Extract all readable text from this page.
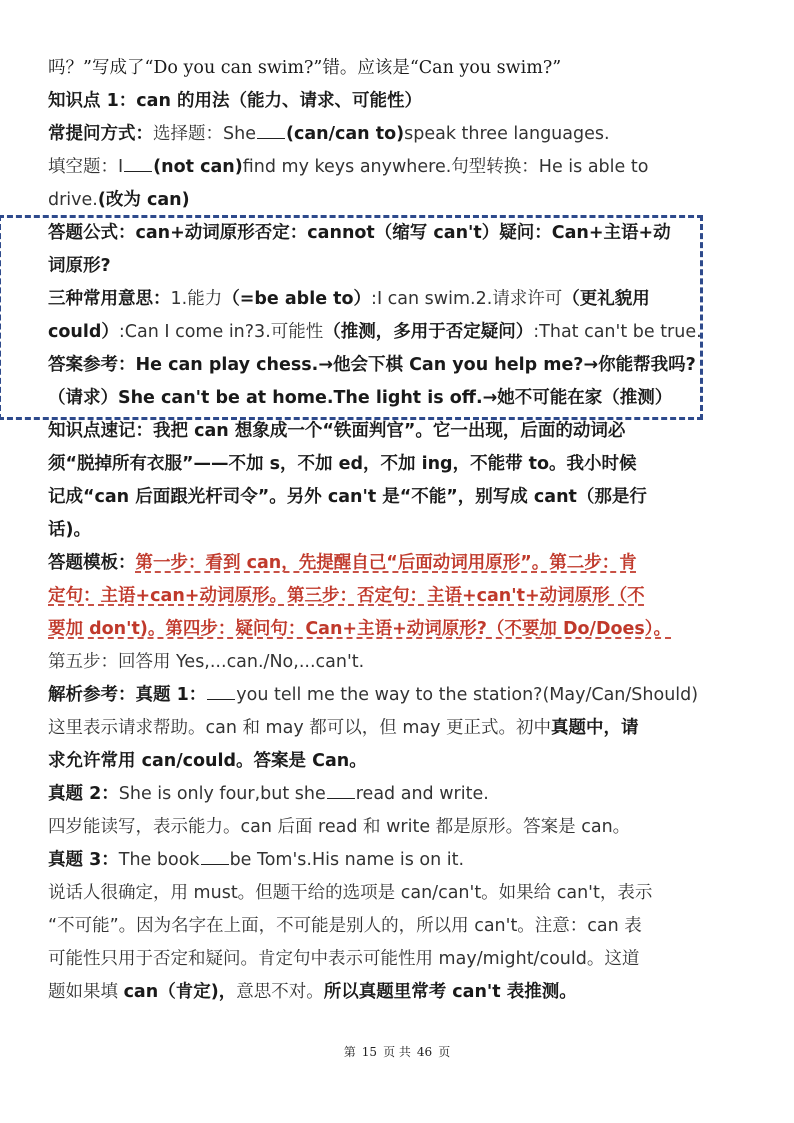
吗？”写成了“Do you can swim?”错。应该是“Can you swim?”
知识点 1：can 的用法（能力、请求、可能性）
常提问方式：选择题：She (can/can to)speak three languages.
填空题：I (not can)find my keys anywhere.句型转换：He is able to
drive.(改为 can)
答题公式：can+动词原形否定：cannot（缩写 can't）疑问：Can+主语+动
词原形?
三种常用意思：1.能力（=be able to）:I can swim.2.请求许可（更礼貌用
could）:Can I come in?3.可能性（推测，多用于否定疑问）:That can't be true.
答案参考：He can play chess.→他会下棋 Can you help me?→你能帮我吗?
（请求）She can't be at home.The light is off.→她不可能在家（推测）
知识点速记：我把 can 想象成一个“铁面判官”。它一出现，后面的动词必
须“脱掉所有衣服”——不加 s，不加 ed，不加 ing，不能带 to。我小时候
记成“can 后面跟光杆司令”。另外 can't 是“不能”，别写成 cant（那是行
话)。
答题模板：第一步：看到 can，先提醒自己“后面动词用原形”。第二步：肯
定句：主语+can+动词原形。第三步：否定句：主语+can't+动词原形（不
要加 don't)。第四步：疑问句：Can+主语+动词原形?（不要加 Do/Does）。
第五步：回答用 Yes,...can./No,...can't.
解析参考：真题 1： you tell me the way to the station?(May/Can/Should)
这里表示请求帮助。can 和 may 都可以，但 may 更正式。初中真题中，请
求允许常用 can/could。答案是 Can。
真题 2：She is only four,but she read and write.
四岁能读写，表示能力。can 后面 read 和 write 都是原形。答案是 can。
真题 3：The book be Tom's.His name is on it.
说话人很确定，用 must。但题干给的选项是 can/can't。如果给 can't，表示
“不可能”。因为名字在上面，不可能是别人的，所以用 can't。注意：can 表
可能性只用于否定和疑问。肯定句中表示可能性用 may/might/could。这道
题如果填 can（肯定)，意思不对。所以真题里常考 can't 表推测。
第 15 页 共 46 页
